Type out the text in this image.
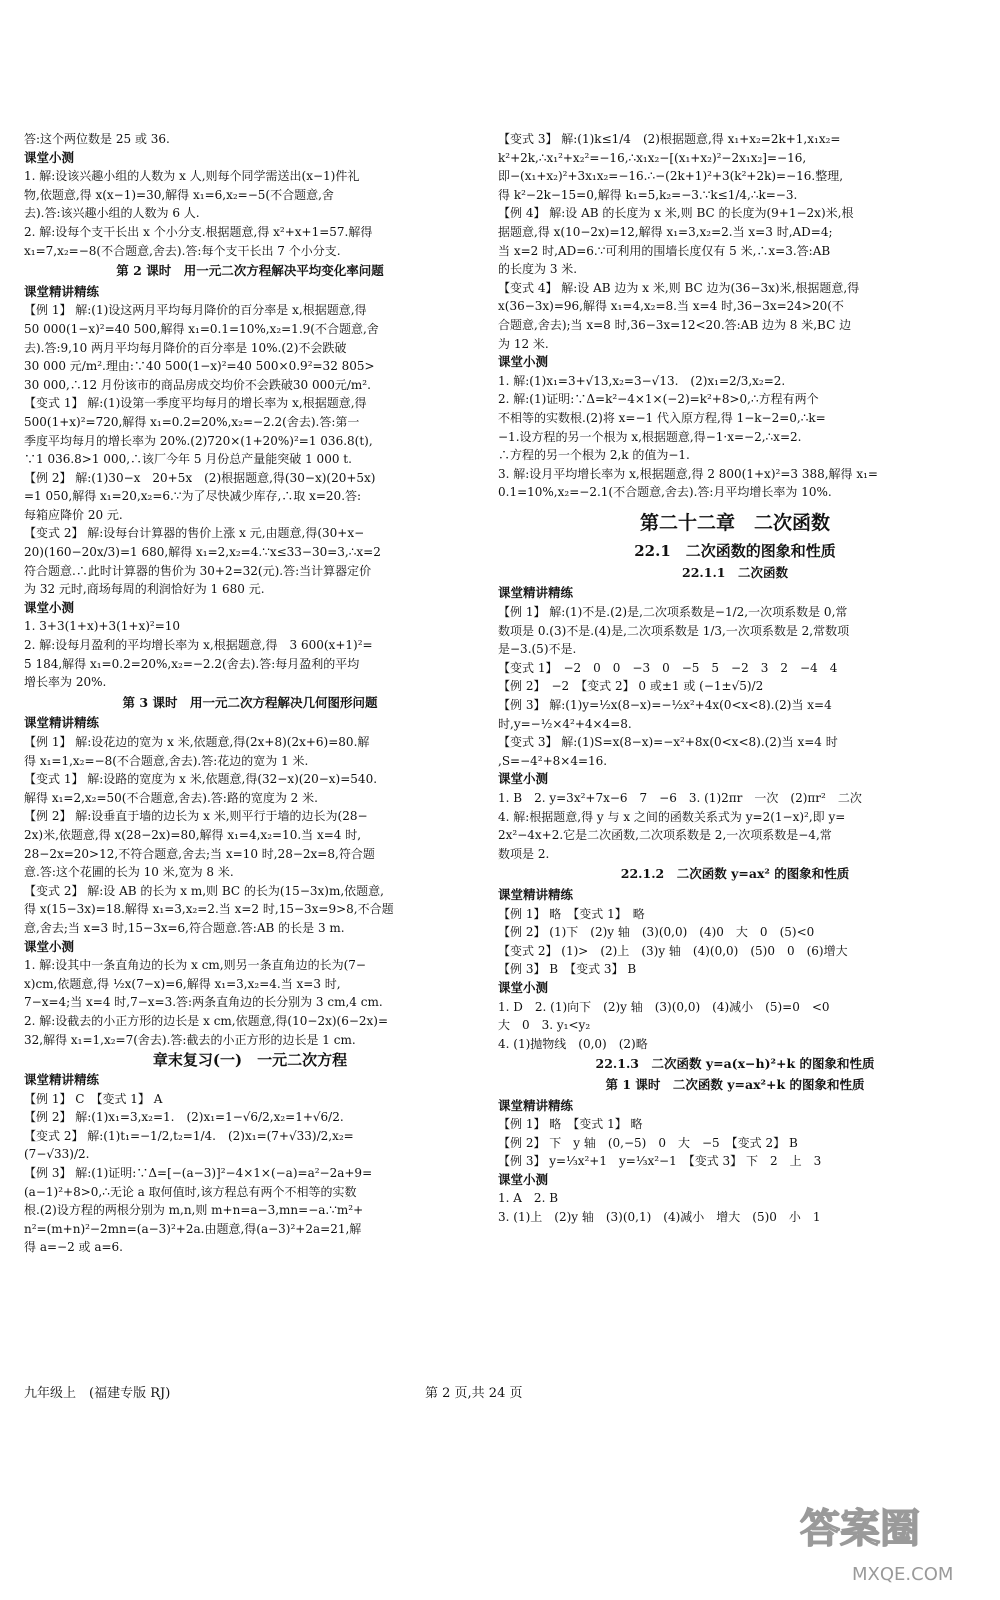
答:这个两位数是 25 或 36.
课堂小测
1. 解:设该兴趣小组的人数为 x 人,则每个同学需送出(x−1)件礼
物,依题意,得 x(x−1)=30,解得 x₁=6,x₂=−5(不合题意,舍
去).答:该兴趣小组的人数为 6 人.
2. 解:设每个支干长出 x 个小分支.根据题意,得 x²+x+1=57.解得
x₁=7,x₂=−8(不合题意,舍去).答:每个支干长出 7 个小分支.
第 2 课时　用一元二次方程解决平均变化率问题
课堂精讲精练
【例 1】 解:(1)设这两月平均每月降价的百分率是 x,根据题意,得
50 000(1−x)²=40 500,解得 x₁=0.1=10%,x₂=1.9(不合题意,舍
去).答:9,10 两月平均每月降价的百分率是 10%.(2)不会跌破
30 000 元/m².理由:∵40 500(1−x)²=40 500×0.9²=32 805>
30 000,∴12 月份该市的商品房成交均价不会跌破30 000元/m².
【变式 1】 解:(1)设第一季度平均每月的增长率为 x,根据题意,得
500(1+x)²=720,解得 x₁=0.2=20%,x₂=−2.2(舍去).答:第一
季度平均每月的增长率为 20%.(2)720×(1+20%)²=1 036.8(t),
∵1 036.8>1 000,∴该厂今年 5 月份总产量能突破 1 000 t.
【例 2】 解:(1)30−x　20+5x　(2)根据题意,得(30−x)(20+5x)
=1 050,解得 x₁=20,x₂=6.∵为了尽快减少库存,∴取 x=20.答:
每箱应降价 20 元.
【变式 2】 解:设每台计算器的售价上涨 x 元,由题意,得(30+x−
20)(160−20x/3)=1 680,解得 x₁=2,x₂=4.∵x≤33−30=3,∴x=2
符合题意.∴此时计算器的售价为 30+2=32(元).答:当计算器定价
为 32 元时,商场每周的利润恰好为 1 680 元.
课堂小测
1. 3+3(1+x)+3(1+x)²=10
2. 解:设每月盈利的平均增长率为 x,根据题意,得　3 600(x+1)²=
5 184,解得 x₁=0.2=20%,x₂=−2.2(舍去).答:每月盈利的平均
增长率为 20%.
第 3 课时　用一元二次方程解决几何图形问题
课堂精讲精练
【例 1】 解:设花边的宽为 x 米,依题意,得(2x+8)(2x+6)=80.解
得 x₁=1,x₂=−8(不合题意,舍去).答:花边的宽为 1 米.
【变式 1】 解:设路的宽度为 x 米,依题意,得(32−x)(20−x)=540.
解得 x₁=2,x₂=50(不合题意,舍去).答:路的宽度为 2 米.
【例 2】 解:设垂直于墙的边长为 x 米,则平行于墙的边长为(28−
2x)米,依题意,得 x(28−2x)=80,解得 x₁=4,x₂=10.当 x=4 时,
28−2x=20>12,不符合题意,舍去;当 x=10 时,28−2x=8,符合题
意.答:这个花圃的长为 10 米,宽为 8 米.
【变式 2】 解:设 AB 的长为 x m,则 BC 的长为(15−3x)m,依题意,
得 x(15−3x)=18.解得 x₁=3,x₂=2.当 x=2 时,15−3x=9>8,不合题
意,舍去;当 x=3 时,15−3x=6,符合题意.答:AB 的长是 3 m.
课堂小测
1. 解:设其中一条直角边的长为 x cm,则另一条直角边的长为(7−
x)cm,依题意,得 ½x(7−x)=6,解得 x₁=3,x₂=4.当 x=3 时,
7−x=4;当 x=4 时,7−x=3.答:两条直角边的长分别为 3 cm,4 cm.
2. 解:设截去的小正方形的边长是 x cm,依题意,得(10−2x)(6−2x)=
32,解得 x₁=1,x₂=7(舍去).答:截去的小正方形的边长是 1 cm.
章末复习(一)　一元二次方程
课堂精讲精练
【例 1】 C　【变式 1】 A
【例 2】 解:(1)x₁=3,x₂=1.　(2)x₁=1−√6/2,x₂=1+√6/2.
【变式 2】 解:(1)t₁=−1/2,t₂=1/4.　(2)x₁=(7+√33)/2,x₂=
(7−√33)/2.
【例 3】 解:(1)证明:∵Δ=[−(a−3)]²−4×1×(−a)=a²−2a+9=
(a−1)²+8>0,∴无论 a 取何值时,该方程总有两个不相等的实数
根.(2)设方程的两根分别为 m,n,则 m+n=a−3,mn=−a.∵m²+
n²=(m+n)²−2mn=(a−3)²+2a.由题意,得(a−3)²+2a=21,解
得 a=−2 或 a=6.
【变式 3】 解:(1)k≤1/4　(2)根据题意,得 x₁+x₂=2k+1,x₁x₂=
k²+2k,∴x₁²+x₂²=−16,∴x₁x₂−[(x₁+x₂)²−2x₁x₂]=−16,
即−(x₁+x₂)²+3x₁x₂=−16.∴−(2k+1)²+3(k²+2k)=−16.整理,
得 k²−2k−15=0,解得 k₁=5,k₂=−3.∵k≤1/4,∴k=−3.
【例 4】 解:设 AB 的长度为 x 米,则 BC 的长度为(9+1−2x)米,根
据题意,得 x(10−2x)=12,解得 x₁=3,x₂=2.当 x=3 时,AD=4;
当 x=2 时,AD=6.∵可利用的围墙长度仅有 5 米,∴x=3.答:AB
的长度为 3 米.
【变式 4】 解:设 AB 边为 x 米,则 BC 边为(36−3x)米,根据题意,得
x(36−3x)=96,解得 x₁=4,x₂=8.当 x=4 时,36−3x=24>20(不
合题意,舍去);当 x=8 时,36−3x=12<20.答:AB 边为 8 米,BC 边
为 12 米.
课堂小测
1. 解:(1)x₁=3+√13,x₂=3−√13.　(2)x₁=2/3,x₂=2.
2. 解:(1)证明:∵Δ=k²−4×1×(−2)=k²+8>0,∴方程有两个
不相等的实数根.(2)将 x=−1 代入原方程,得 1−k−2=0,∴k=
−1.设方程的另一个根为 x,根据题意,得−1·x=−2,∴x=2.
∴方程的另一个根为 2,k 的值为−1.
3. 解:设月平均增长率为 x,根据题意,得 2 800(1+x)²=3 388,解得 x₁=
0.1=10%,x₂=−2.1(不合题意,舍去).答:月平均增长率为 10%.
第二十二章　二次函数
22.1　二次函数的图象和性质
22.1.1　二次函数
课堂精讲精练
【例 1】 解:(1)不是.(2)是,二次项系数是−1/2,一次项系数是 0,常
数项是 0.(3)不是.(4)是,二次项系数是 1/3,一次项系数是 2,常数项
是−3.(5)不是.
【变式 1】　−2　0　0　−3　0　−5　5　−2　3　2　−4　4
【例 2】　−2　【变式 2】 0 或±1 或 (−1±√5)/2
【例 3】 解:(1)y=½x(8−x)=−½x²+4x(0<x<8).(2)当 x=4
时,y=−½×4²+4×4=8.
【变式 3】 解:(1)S=x(8−x)=−x²+8x(0<x<8).(2)当 x=4 时
,S=−4²+8×4=16.
课堂小测
1. B　2. y=3x²+7x−6　7　−6　3. (1)2πr　一次　(2)πr²　二次
4. 解:根据题意,得 y 与 x 之间的函数关系式为 y=2(1−x)²,即 y=
2x²−4x+2.它是二次函数,二次项系数是 2,一次项系数是−4,常
数项是 2.
22.1.2　二次函数 y=ax² 的图象和性质
课堂精讲精练
【例 1】 略　【变式 1】　略
【例 2】 (1)下　(2)y 轴　(3)(0,0)　(4)0　大　0　(5)<0
【变式 2】 (1)>　(2)上　(3)y 轴　(4)(0,0)　(5)0　0　(6)增大
【例 3】 B　【变式 3】 B
课堂小测
1. D　2. (1)向下　(2)y 轴　(3)(0,0)　(4)减小　(5)=0　<0
大　0　3. y₁<y₂
4. (1)抛物线　(0,0)　(2)略
22.1.3　二次函数 y=a(x−h)²+k 的图象和性质
第 1 课时　二次函数 y=ax²+k 的图象和性质
课堂精讲精练
【例 1】 略　【变式 1】 略
【例 2】 下　y 轴　(0,−5)　0　大　−5　【变式 2】 B
【例 3】 y=⅓x²+1　y=⅓x²−1　【变式 3】 下　2　上　3
课堂小测
1. A　2. B
3. (1)上　(2)y 轴　(3)(0,1)　(4)减小　增大　(5)0　小　1
九年级上　(福建专版 RJ)	第 2 页,共 24 页
答案圈
MXQE.COM
